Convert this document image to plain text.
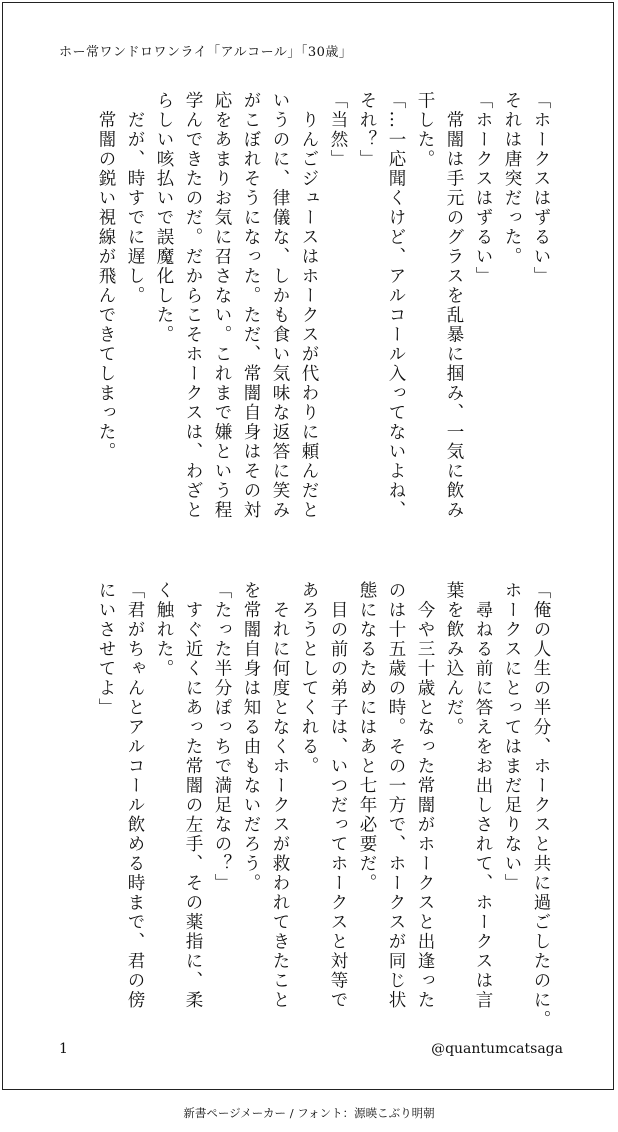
ホー常ワンドロワンライ「アルコール」「30歳」
「ホークスはずるい」
それは唐突だった。
「ホークスはずるい」
　常闇は手元のグラスを乱暴に掴み、一気に飲み
干した。
「…一応聞くけど、アルコール入ってないよね、
それ？」
「当然」
　りんごジュースはホークスが代わりに頼んだと
いうのに、律儀な、しかも食い気味な返答に笑み
がこぼれそうになった。ただ、常闇自身はその対
応をあまりお気に召さない。これまで嫌という程
学んできたのだ。だからこそホークスは、わざと
らしい咳払いで誤魔化した。
　だが、時すでに遅し。
　常闇の鋭い視線が飛んできてしまった。
「俺の人生の半分、ホークスと共に過ごしたのに。
ホークスにとってはまだ足りない」
　尋ねる前に答えをお出しされて、ホークスは言
葉を飲み込んだ。
　今や三十歳となった常闇がホークスと出逢った
のは十五歳の時。その一方で、ホークスが同じ状
態になるためにはあと七年必要だ。
　目の前の弟子は、いつだってホークスと対等で
あろうとしてくれる。
　それに何度となくホークスが救われてきたこと
を常闇自身は知る由もないだろう。
「たった半分ぽっちで満足なの？」
　すぐ近くにあった常闇の左手、その薬指に、柔
く触れた。
「君がちゃんとアルコール飲める時まで、君の傍
にいさせてよ」
1	@quantumcatsaga
新書ページメーカー / フォント：源暎こぶり明朝
